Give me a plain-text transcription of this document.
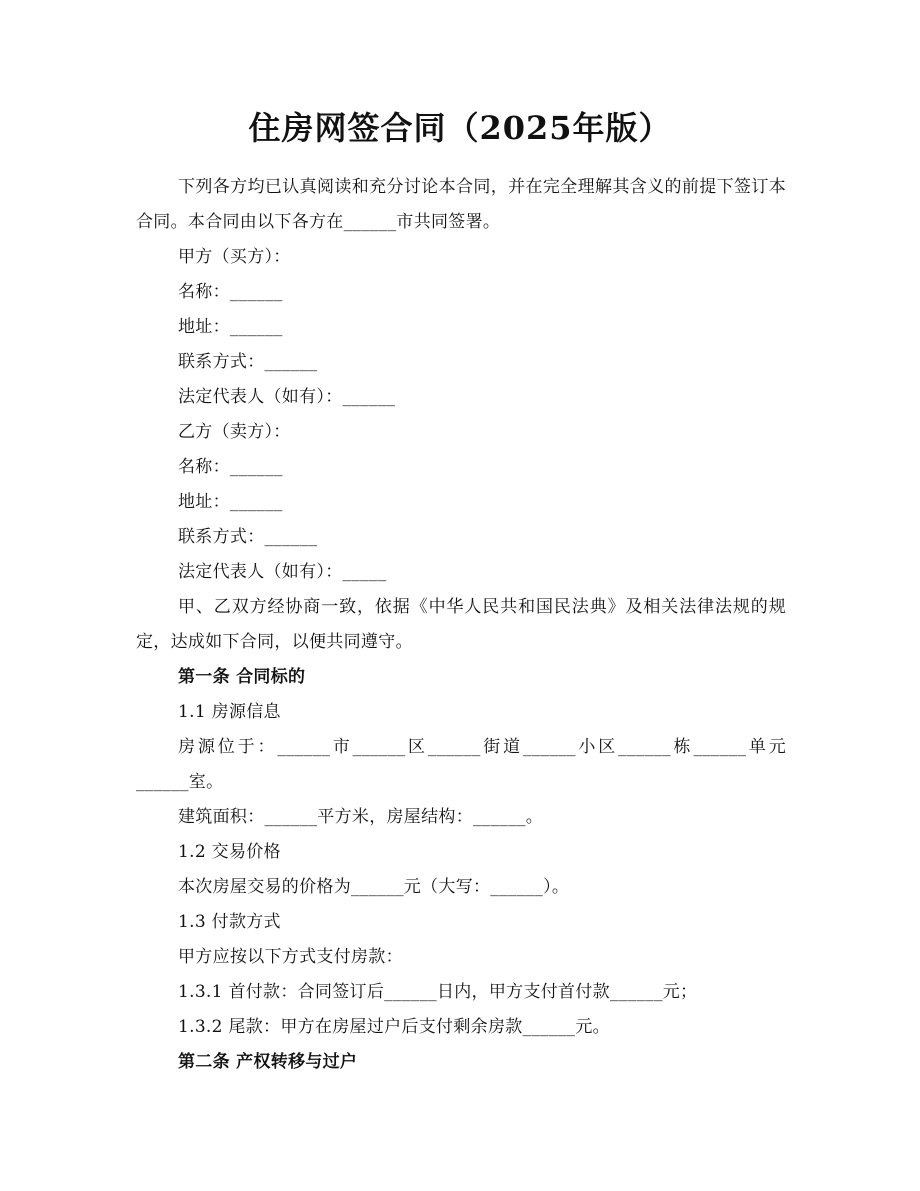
住房网签合同（2025年版）

下列各方均已认真阅读和充分讨论本合同，并在完全理解其含义的前提下签订本合同。本合同由以下各方在______市共同签署。

甲方（买方）：

名称：______

地址：______

联系方式：______

法定代表人（如有）：______

乙方（卖方）：

名称：______

地址：______

联系方式：______

法定代表人（如有）：_____

甲、乙双方经协商一致，依据《中华人民共和国民法典》及相关法律法规的规定，达成如下合同，以便共同遵守。

第一条 合同标的

1.1 房源信息

房源位于：______市______区______街道______小区______栋______单元______室。

建筑面积：______平方米，房屋结构：______。

1.2 交易价格

本次房屋交易的价格为______元（大写：______）。

1.3 付款方式

甲方应按以下方式支付房款：

1.3.1 首付款：合同签订后______日内，甲方支付首付款______元；

1.3.2 尾款：甲方在房屋过户后支付剩余房款______元。

第二条 产权转移与过户
